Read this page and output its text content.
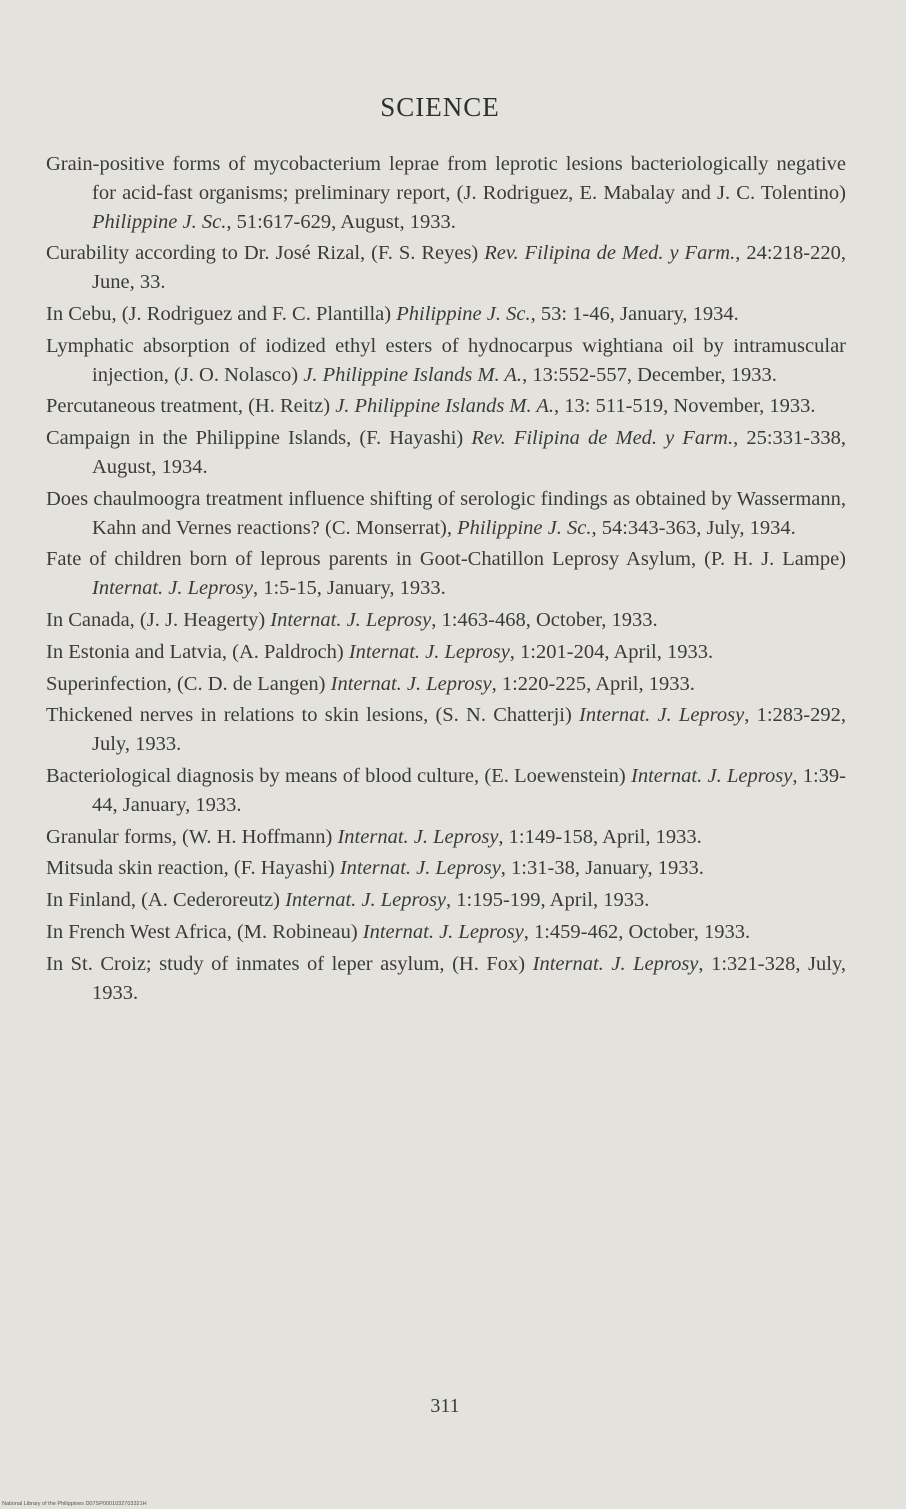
SCIENCE

Grain-positive forms of mycobacterium leprae from leprotic lesions bacteriologically negative for acid-fast organisms; preliminary report, (J. Rodriguez, E. Mabalay and J. C. Tolentino) Philippine J. Sc., 51:617-629, August, 1933.

Curability according to Dr. José Rizal, (F. S. Reyes) Rev. Filipina de Med. y Farm., 24:218-220, June, 33.

In Cebu, (J. Rodriguez and F. C. Plantilla) Philippine J. Sc., 53: 1-46, January, 1934.

Lymphatic absorption of iodized ethyl esters of hydnocarpus wightiana oil by intramuscular injection, (J. O. Nolasco) J. Philippine Islands M. A., 13:552-557, December, 1933.

Percutaneous treatment, (H. Reitz) J. Philippine Islands M. A., 13: 511-519, November, 1933.

Campaign in the Philippine Islands, (F. Hayashi) Rev. Filipina de Med. y Farm., 25:331-338, August, 1934.

Does chaulmoogra treatment influence shifting of serologic findings as obtained by Wassermann, Kahn and Vernes reactions? (C. Monserrat), Philippine J. Sc., 54:343-363, July, 1934.

Fate of children born of leprous parents in Goot-Chatillon Leprosy Asylum, (P. H. J. Lampe) Internat. J. Leprosy, 1:5-15, January, 1933.

In Canada, (J. J. Heagerty) Internat. J. Leprosy, 1:463-468, October, 1933.

In Estonia and Latvia, (A. Paldroch) Internat. J. Leprosy, 1:201-204, April, 1933.

Superinfection, (C. D. de Langen) Internat. J. Leprosy, 1:220-225, April, 1933.

Thickened nerves in relations to skin lesions, (S. N. Chatterji) Internat. J. Leprosy, 1:283-292, July, 1933.

Bacteriological diagnosis by means of blood culture, (E. Loewenstein) Internat. J. Leprosy, 1:39-44, January, 1933.

Granular forms, (W. H. Hoffmann) Internat. J. Leprosy, 1:149-158, April, 1933.

Mitsuda skin reaction, (F. Hayashi) Internat. J. Leprosy, 1:31-38, January, 1933.

In Finland, (A. Cederoreutz) Internat. J. Leprosy, 1:195-199, April, 1933.

In French West Africa, (M. Robineau) Internat. J. Leprosy, 1:459-462, October, 1933.

In St. Croiz; study of inmates of leper asylum, (H. Fox) Internat. J. Leprosy, 1:321-328, July, 1933.

311
National Library of the Philippines D07SP0001032703321H
